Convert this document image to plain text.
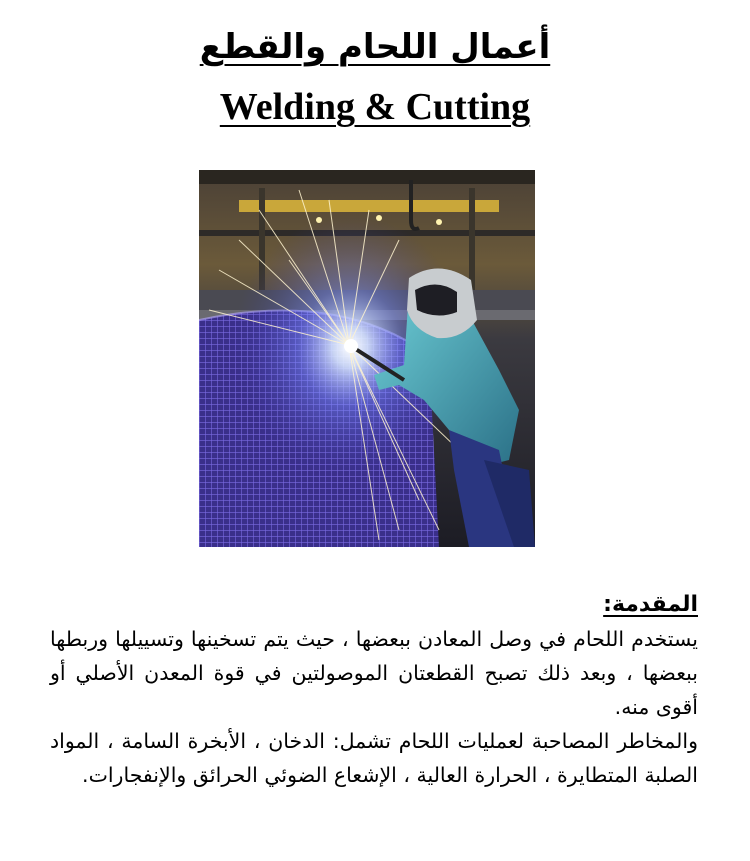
أعمال اللحام والقطع
Welding & Cutting
المقدمة:

يستخدم اللحام في وصل المعادن ببعضها ، حيث يتم تسخينها وتسييلها وربطها ببعضها ، وبعد ذلك تصبح القطعتان الموصولتين في قوة المعدن الأصلي أو أقوى منه.

والمخاطر المصاحبة لعمليات اللحام تشمل: الدخان ، الأبخرة السامة ، المواد الصلبة المتطايرة ، الحرارة العالية ، الإشعاع الضوئي الحرائق والإنفجارات.
